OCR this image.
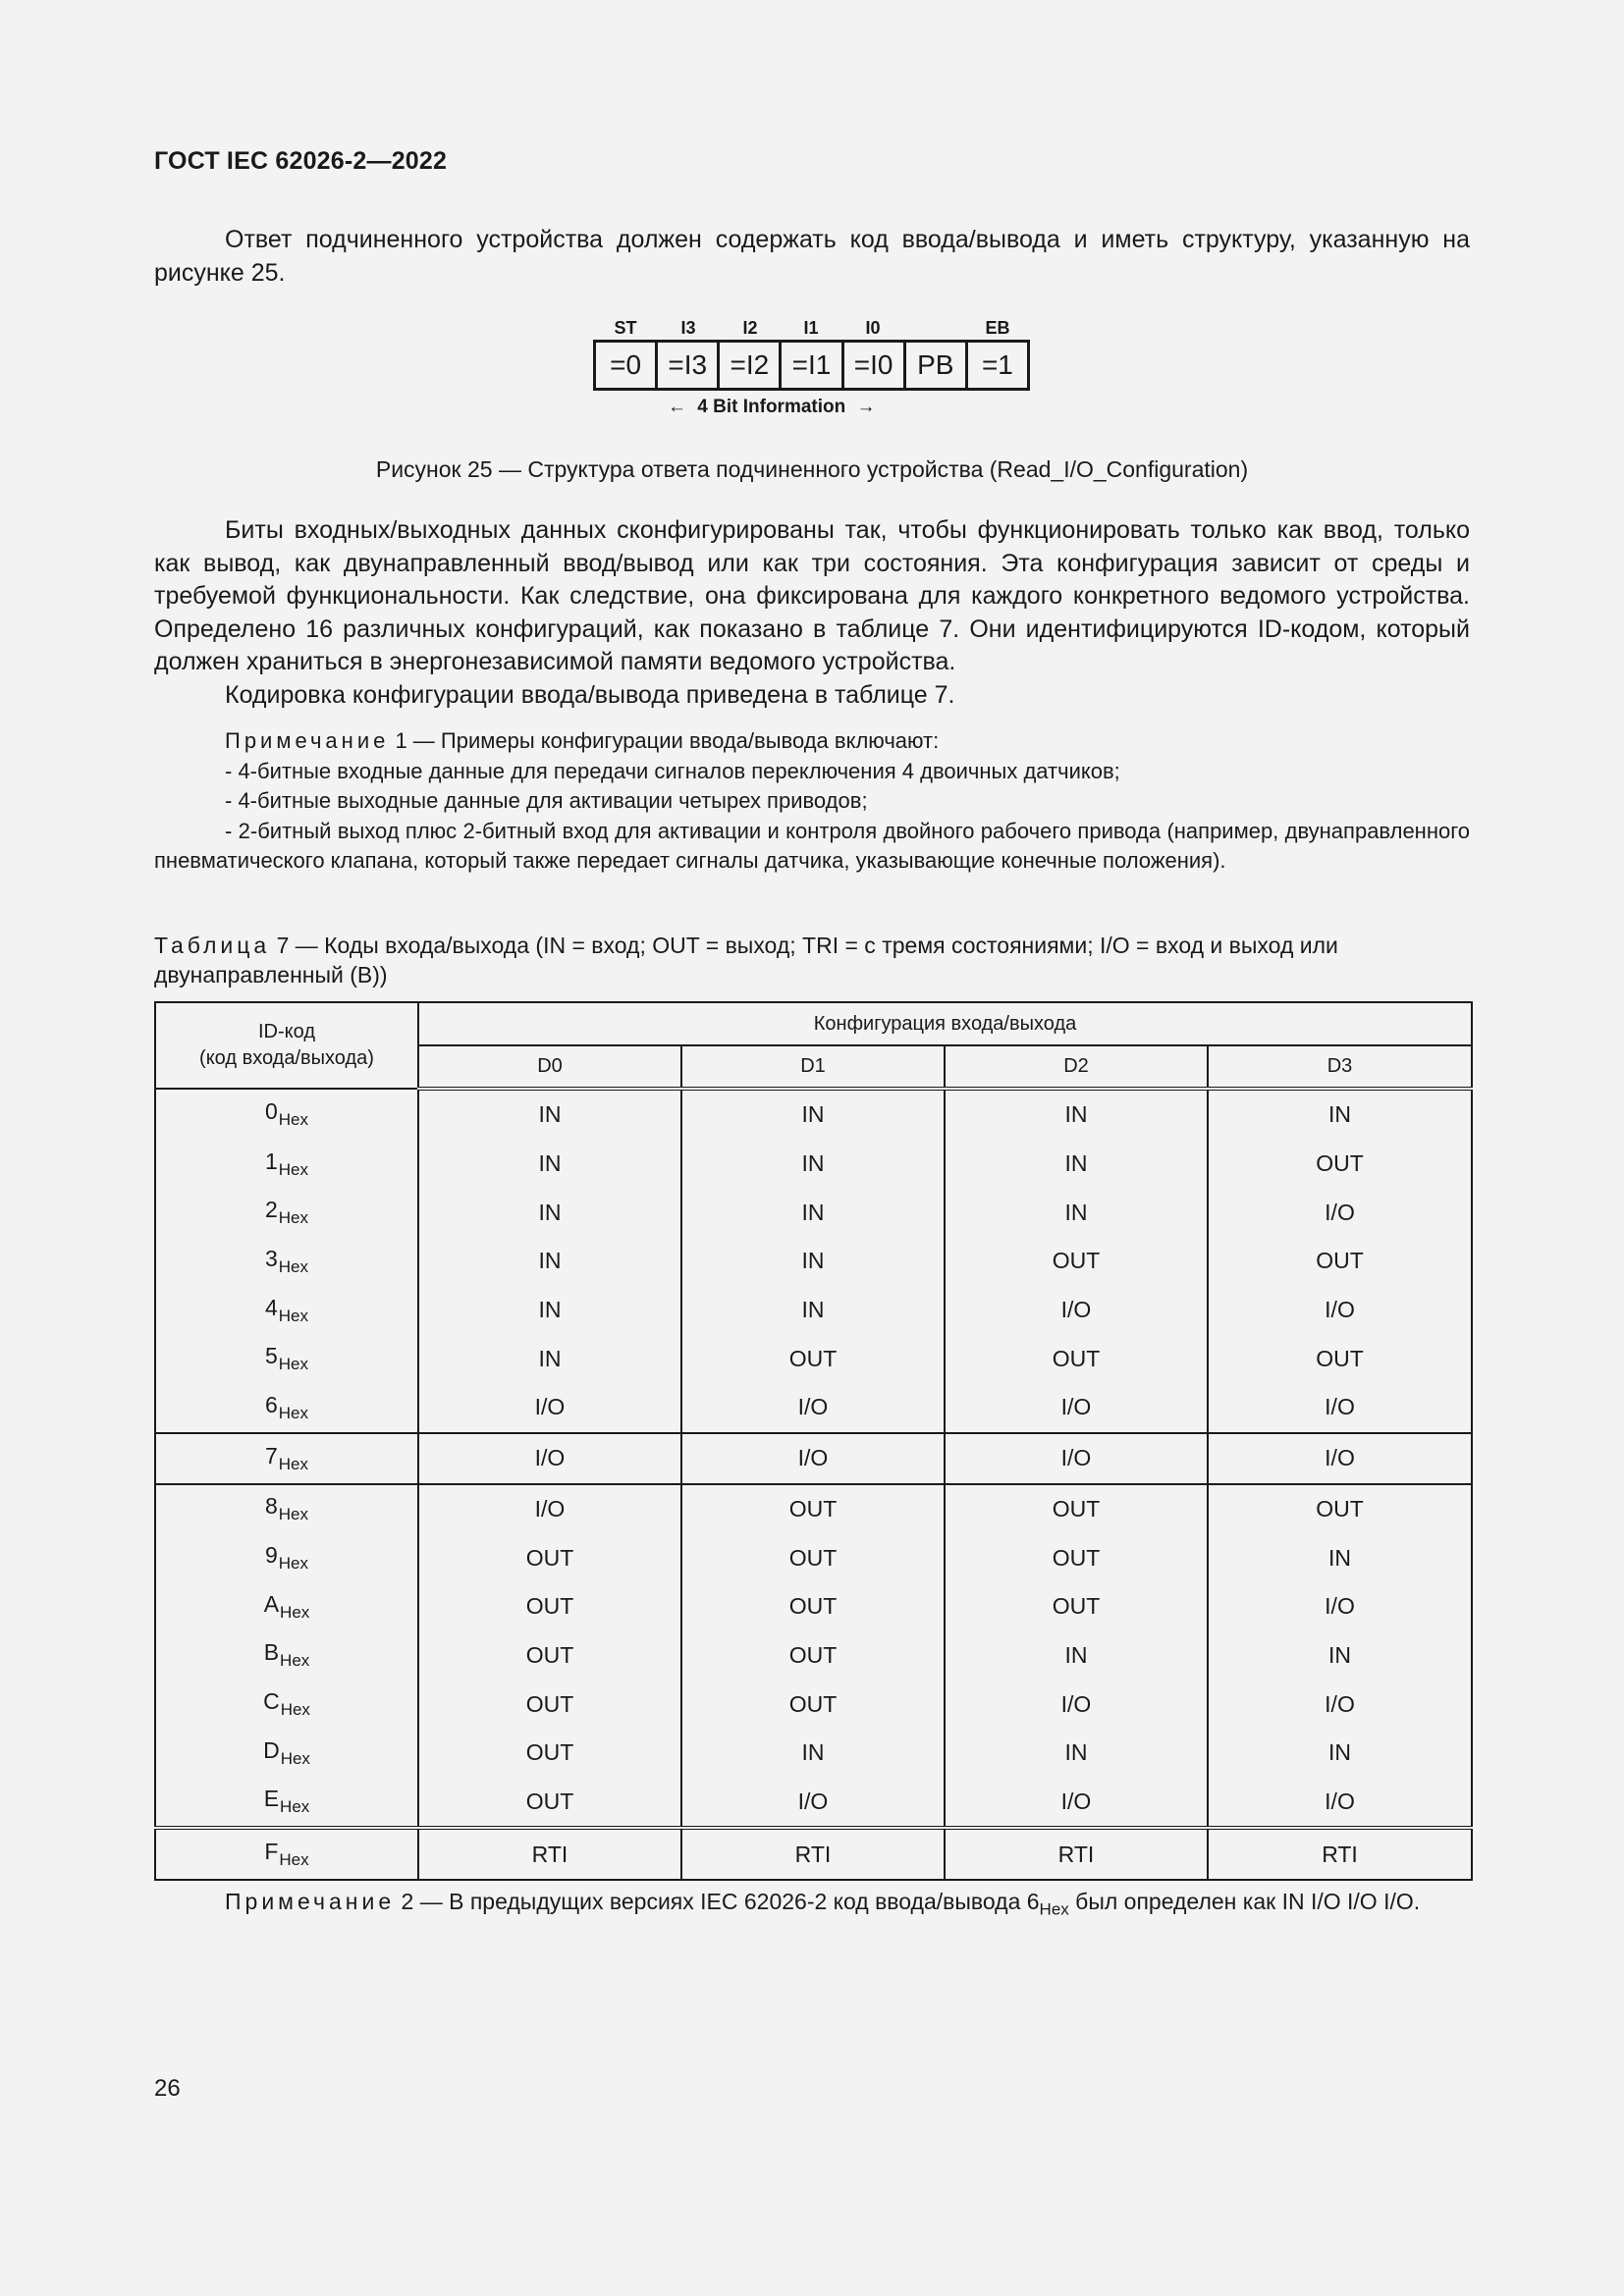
ГОСТ IEC 62026-2—2022

Ответ подчиненного устройства должен содержать код ввода/вывода и иметь структуру, указанную на рисунке 25.

ST I3	I2	I1	I0	EB
=0 =I3 =I2 =I1 =I0 PB	=1
← 4 Bit Information →
Рисунок 25 — Структура ответа подчиненного устройства (Read_I/O_Configuration)

Биты входных/выходных данных сконфигурированы так, чтобы функционировать только как ввод, только как вывод, как двунаправленный ввод/вывод или как три состояния. Эта конфигурация зависит от среды и требуемой функциональности. Как следствие, она фиксирована для каждого конкретного ведомого устройства. Определено 16 различных конфигураций, как показано в таблице 7. Они идентифицируются ID-кодом, который должен храниться в энергонезависимой памяти ведомого устройства.

Кодировка конфигурации ввода/вывода приведена в таблице 7.

Примечание 1 — Примеры конфигурации ввода/вывода включают:
- 4-битные входные данные для передачи сигналов переключения 4 двоичных датчиков;
- 4-битные выходные данные для активации четырех приводов;
- 2-битный выход плюс 2-битный вход для активации и контроля двойного рабочего привода (например, двунаправленного пневматического клапана, который также передает сигналы датчика, указывающие конечные положения).

Таблица 7 — Коды входа/выхода (IN = вход; OUT = выход; TRI = с тремя состояниями; I/O = вход и выход или двунаправленный (B))

ID-код
(код входа/выхода)	Конфигурация входа/выхода			
	D0	D1	D2	D3
$0_{Hex}$	IN	IN	IN	IN
$1_{Hex}$	IN	IN	IN	OUT
$2_{Hex}$	IN	IN	IN	I/O
$3_{Hex}$	IN	IN	OUT	OUT
$4_{Hex}$	IN	IN	I/O	I/O
$5_{Hex}$	IN	OUT	OUT	OUT
$6_{Hex}$	I/O	I/O	I/O	I/O
$7_{Hex}$	I/O	I/O	I/O	I/O
$8_{Hex}$	I/O	OUT	OUT	OUT
$9_{Hex}$	OUT	OUT	OUT	IN
$A_{Hex}$	OUT	OUT	OUT	I/O
$B_{Hex}$	OUT	OUT	IN	IN
$C_{Hex}$	OUT	OUT	I/O	I/O
$D_{Hex}$	OUT	IN	IN	IN
$E_{Hex}$	OUT	I/O	I/O	I/O
$F_{Hex}$	RTI	RTI	RTI	RTI

Примечание 2 — В предыдущих версиях IEC 62026-2 код ввода/вывода $6_{Hex}$ был определен как IN I/O I/O I/O.

26
